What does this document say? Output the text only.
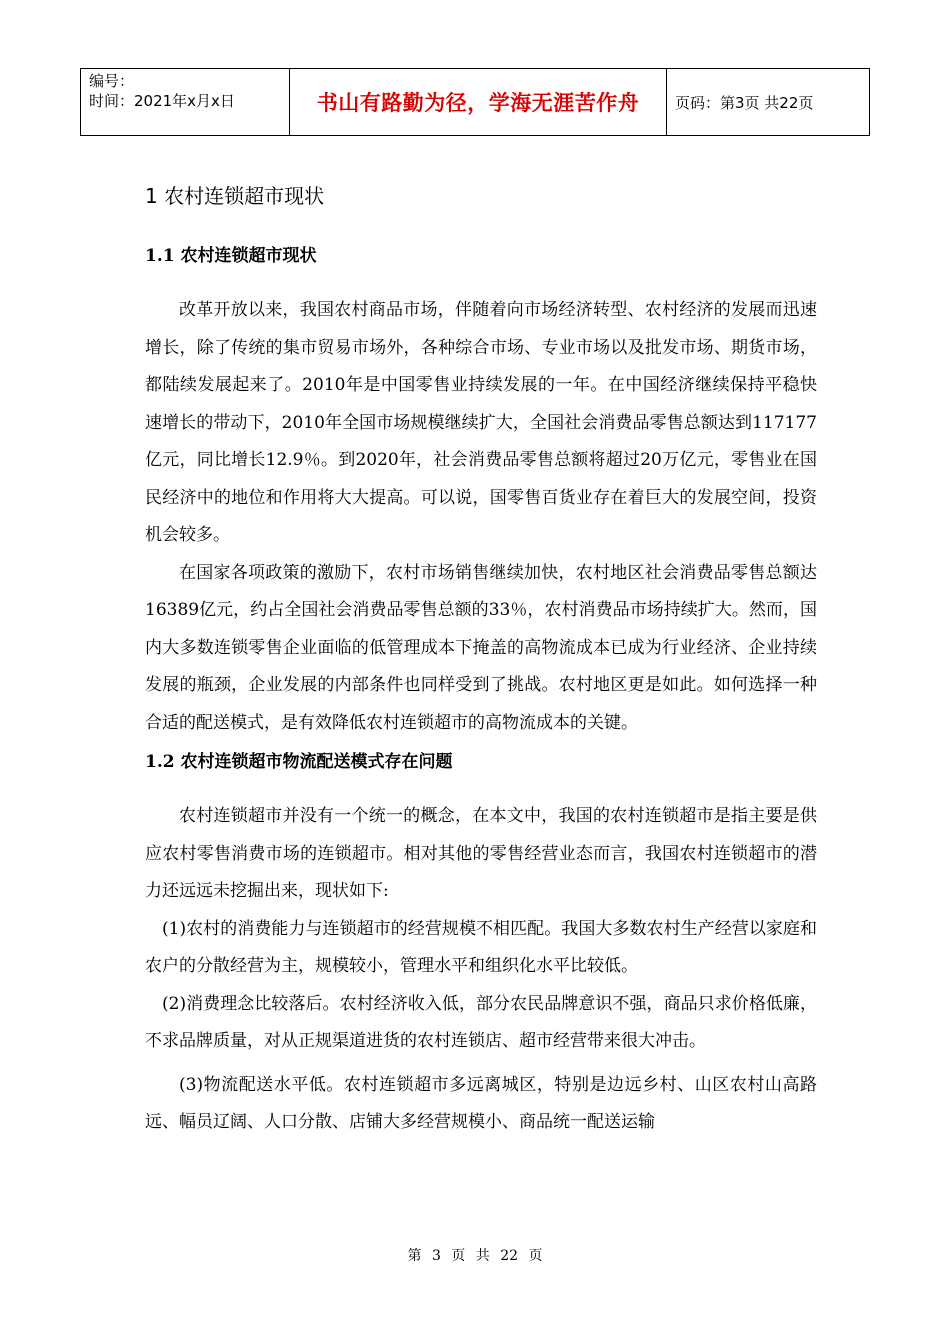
编号：
时间：2021年x月x日	书山有路勤为径，学海无涯苦作舟	页码：第3页 共22页
1 农村连锁超市现状
1.1 农村连锁超市现状

改革开放以来，我国农村商品市场，伴随着向市场经济转型、农村经济的发展而迅速增长，除了传统的集市贸易市场外，各种综合市场、专业市场以及批发市场、期货市场，都陆续发展起来了。2010年是中国零售业持续发展的一年。在中国经济继续保持平稳快速增长的带动下，2010年全国市场规模继续扩大，全国社会消费品零售总额达到117177亿元，同比增长12.9％。到2020年，社会消费品零售总额将超过20万亿元，零售业在国民经济中的地位和作用将大大提高。可以说，国零售百货业存在着巨大的发展空间，投资机会较多。

在国家各项政策的激励下，农村市场销售继续加快，农村地区社会消费品零售总额达16389亿元，约占全国社会消费品零售总额的33％，农村消费品市场持续扩大。然而，国内大多数连锁零售企业面临的低管理成本下掩盖的高物流成本已成为行业经济、企业持续发展的瓶颈，企业发展的内部条件也同样受到了挑战。农村地区更是如此。如何选择一种合适的配送模式，是有效降低农村连锁超市的高物流成本的关键。

1.2 农村连锁超市物流配送模式存在问题

农村连锁超市并没有一个统一的概念，在本文中，我国的农村连锁超市是指主要是供应农村零售消费市场的连锁超市。相对其他的零售经营业态而言，我国农村连锁超市的潜力还远远未挖掘出来，现状如下:

(1)农村的消费能力与连锁超市的经营规模不相匹配。我国大多数农村生产经营以家庭和农户的分散经营为主，规模较小，管理水平和组织化水平比较低。

(2)消费理念比较落后。农村经济收入低，部分农民品牌意识不强，商品只求价格低廉，不求品牌质量，对从正规渠道进货的农村连锁店、超市经营带来很大冲击。

(3)物流配送水平低。农村连锁超市多远离城区，特别是边远乡村、山区农村山高路远、幅员辽阔、人口分散、店铺大多经营规模小、商品统一配送运输

第 3 页 共 22 页
